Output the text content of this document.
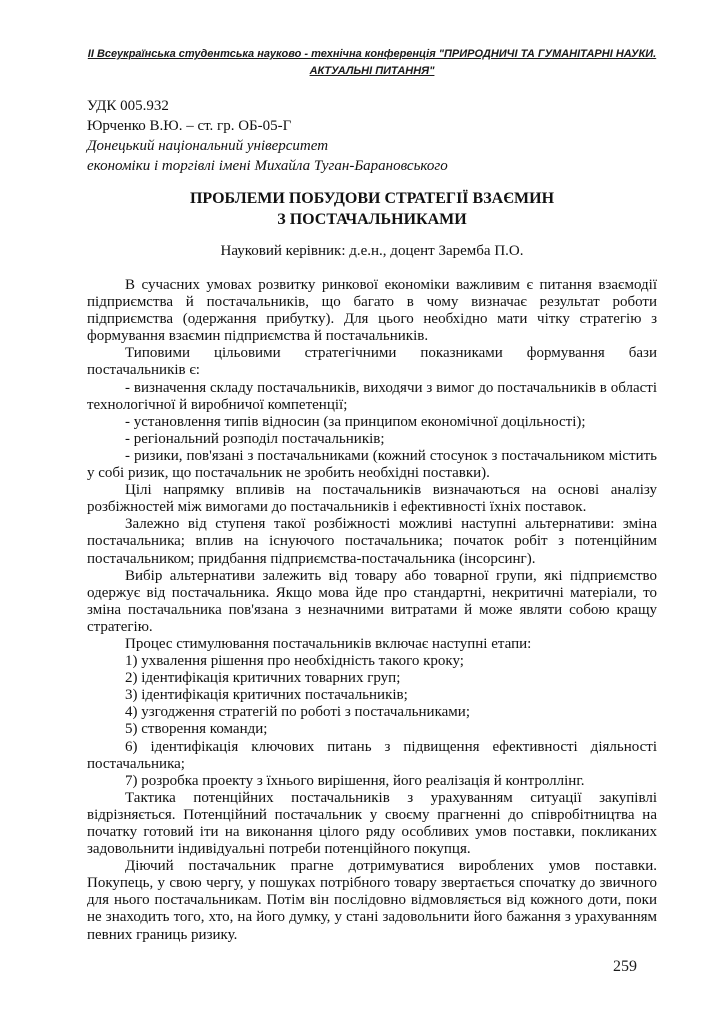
ІІ Всеукраїнська студентська науково - технічна конференція "ПРИРОДНИЧІ ТА ГУМАНІТАРНІ НАУКИ.
АКТУАЛЬНІ ПИТАННЯ"
УДК 005.932
Юрченко В.Ю. – ст. гр. ОБ-05-Г
Донецький національний університет
економіки і торгівлі імені Михайла Туган-Барановського
ПРОБЛЕМИ ПОБУДОВИ СТРАТЕГІЇ ВЗАЄМИН
З ПОСТАЧАЛЬНИКАМИ
Науковий керівник: д.е.н., доцент Заремба П.О.

В сучасних умовах розвитку ринкової економіки важливим є питання взаємодії підприємства й постачальників, що багато в чому визначає результат роботи підприємства (одержання прибутку). Для цього необхідно мати чітку стратегію з формування взаємин підприємства й постачальників.

Типовими цільовими стратегічними показниками формування бази постачальників є:

- визначення складу постачальників, виходячи з вимог до постачальників в області технологічної й виробничої компетенції;

- установлення типів відносин (за принципом економічної доцільності);

- регіональний розподіл постачальників;

- ризики, пов'язані з постачальниками (кожний стосунок з постачальником містить у собі ризик, що постачальник не зробить необхідні поставки).

Цілі напрямку впливів на постачальників визначаються на основі аналізу розбіжностей між вимогами до постачальників і ефективності їхніх поставок.

Залежно від ступеня такої розбіжності можливі наступні альтернативи: зміна постачальника; вплив на існуючого постачальника; початок робіт з потенційним постачальником; придбання підприємства-постачальника (інсорсинг).

Вибір альтернативи залежить від товару або товарної групи, які підприємство одержує від постачальника. Якщо мова йде про стандартні, некритичні матеріали, то зміна постачальника пов'язана з незначними витратами й може являти собою кращу стратегію.

Процес стимулювання постачальників включає наступні етапи:

1) ухвалення рішення про необхідність такого кроку;

2) ідентифікація критичних товарних груп;

3) ідентифікація критичних постачальників;

4) узгодження стратегій по роботі з постачальниками;

5) створення команди;

6) ідентифікація ключових питань з підвищення ефективності діяльності постачальника;

7) розробка проекту з їхнього вирішення, його реалізація й контроллінг.

Тактика потенційних постачальників з урахуванням ситуації закупівлі відрізняється. Потенційний постачальник у своєму прагненні до співробітництва на початку готовий іти на виконання цілого ряду особливих умов поставки, покликаних задовольнити індивідуальні потреби потенційного покупця.

Діючий постачальник прагне дотримуватися вироблених умов поставки. Покупець, у свою чергу, у пошуках потрібного товару звертається спочатку до звичного для нього постачальникам. Потім він послідовно відмовляється від кожного доти, поки не знаходить того, хто, на його думку, у стані задовольнити його бажання з урахуванням певних границь ризику.

259
